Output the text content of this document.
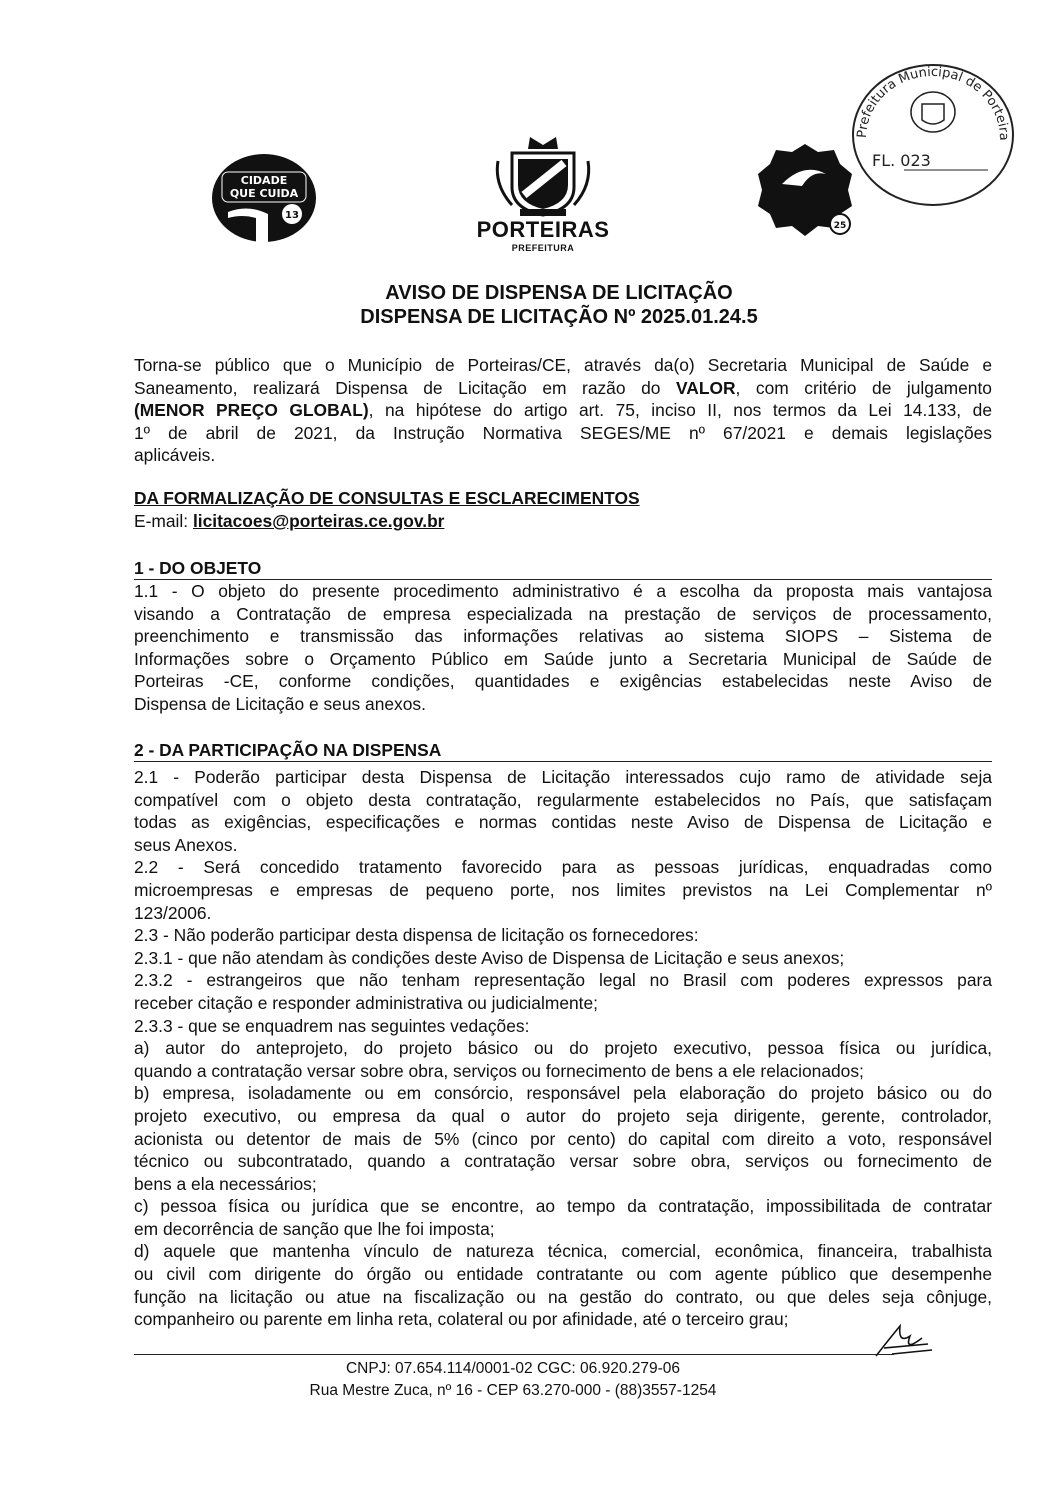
CIDADE
QUE CUIDA
13
PORTEIRAS
PREFEITURA
25
Prefeitura Municipal de Porteira
FL. 023
AVISO DE DISPENSA DE LICITAÇÃO
DISPENSA DE LICITAÇÃO Nº 2025.01.24.5
Torna-se público que o Município de Porteiras/CE, através da(o) Secretaria Municipal de Saúde e
Saneamento, realizará Dispensa de Licitação em razão do VALOR, com critério de julgamento
(MENOR PREÇO GLOBAL), na hipótese do artigo art. 75, inciso II, nos termos da Lei 14.133, de
1º de abril de 2021, da Instrução Normativa SEGES/ME nº 67/2021 e demais legislações
aplicáveis.
DA FORMALIZAÇÃO DE CONSULTAS E ESCLARECIMENTOS
E-mail: licitacoes@porteiras.ce.gov.br
1 - DO OBJETO
1.1 - O objeto do presente procedimento administrativo é a escolha da proposta mais vantajosa
visando a Contratação de empresa especializada na prestação de serviços de processamento,
preenchimento e transmissão das informações relativas ao sistema SIOPS – Sistema de
Informações sobre o Orçamento Público em Saúde junto a Secretaria Municipal de Saúde de
Porteiras -CE, conforme condições, quantidades e exigências estabelecidas neste Aviso de
Dispensa de Licitação e seus anexos.
2 - DA PARTICIPAÇÃO NA DISPENSA
2.1 - Poderão participar desta Dispensa de Licitação interessados cujo ramo de atividade seja
compatível com o objeto desta contratação, regularmente estabelecidos no País, que satisfaçam
todas as exigências, especificações e normas contidas neste Aviso de Dispensa de Licitação e
seus Anexos.
2.2 - Será concedido tratamento favorecido para as pessoas jurídicas, enquadradas como
microempresas e empresas de pequeno porte, nos limites previstos na Lei Complementar nº
123/2006.
2.3 - Não poderão participar desta dispensa de licitação os fornecedores:
2.3.1 - que não atendam às condições deste Aviso de Dispensa de Licitação e seus anexos;
2.3.2 - estrangeiros que não tenham representação legal no Brasil com poderes expressos para
receber citação e responder administrativa ou judicialmente;
2.3.3 - que se enquadrem nas seguintes vedações:
a) autor do anteprojeto, do projeto básico ou do projeto executivo, pessoa física ou jurídica,
quando a contratação versar sobre obra, serviços ou fornecimento de bens a ele relacionados;
b) empresa, isoladamente ou em consórcio, responsável pela elaboração do projeto básico ou do
projeto executivo, ou empresa da qual o autor do projeto seja dirigente, gerente, controlador,
acionista ou detentor de mais de 5% (cinco por cento) do capital com direito a voto, responsável
técnico ou subcontratado, quando a contratação versar sobre obra, serviços ou fornecimento de
bens a ela necessários;
c) pessoa física ou jurídica que se encontre, ao tempo da contratação, impossibilitada de contratar
em decorrência de sanção que lhe foi imposta;
d) aquele que mantenha vínculo de natureza técnica, comercial, econômica, financeira, trabalhista
ou civil com dirigente do órgão ou entidade contratante ou com agente público que desempenhe
função na licitação ou atue na fiscalização ou na gestão do contrato, ou que deles seja cônjuge,
companheiro ou parente em linha reta, colateral ou por afinidade, até o terceiro grau;
CNPJ: 07.654.114/0001-02 CGC: 06.920.279-06
Rua Mestre Zuca, nº 16 - CEP 63.270-000 - (88)3557-1254
